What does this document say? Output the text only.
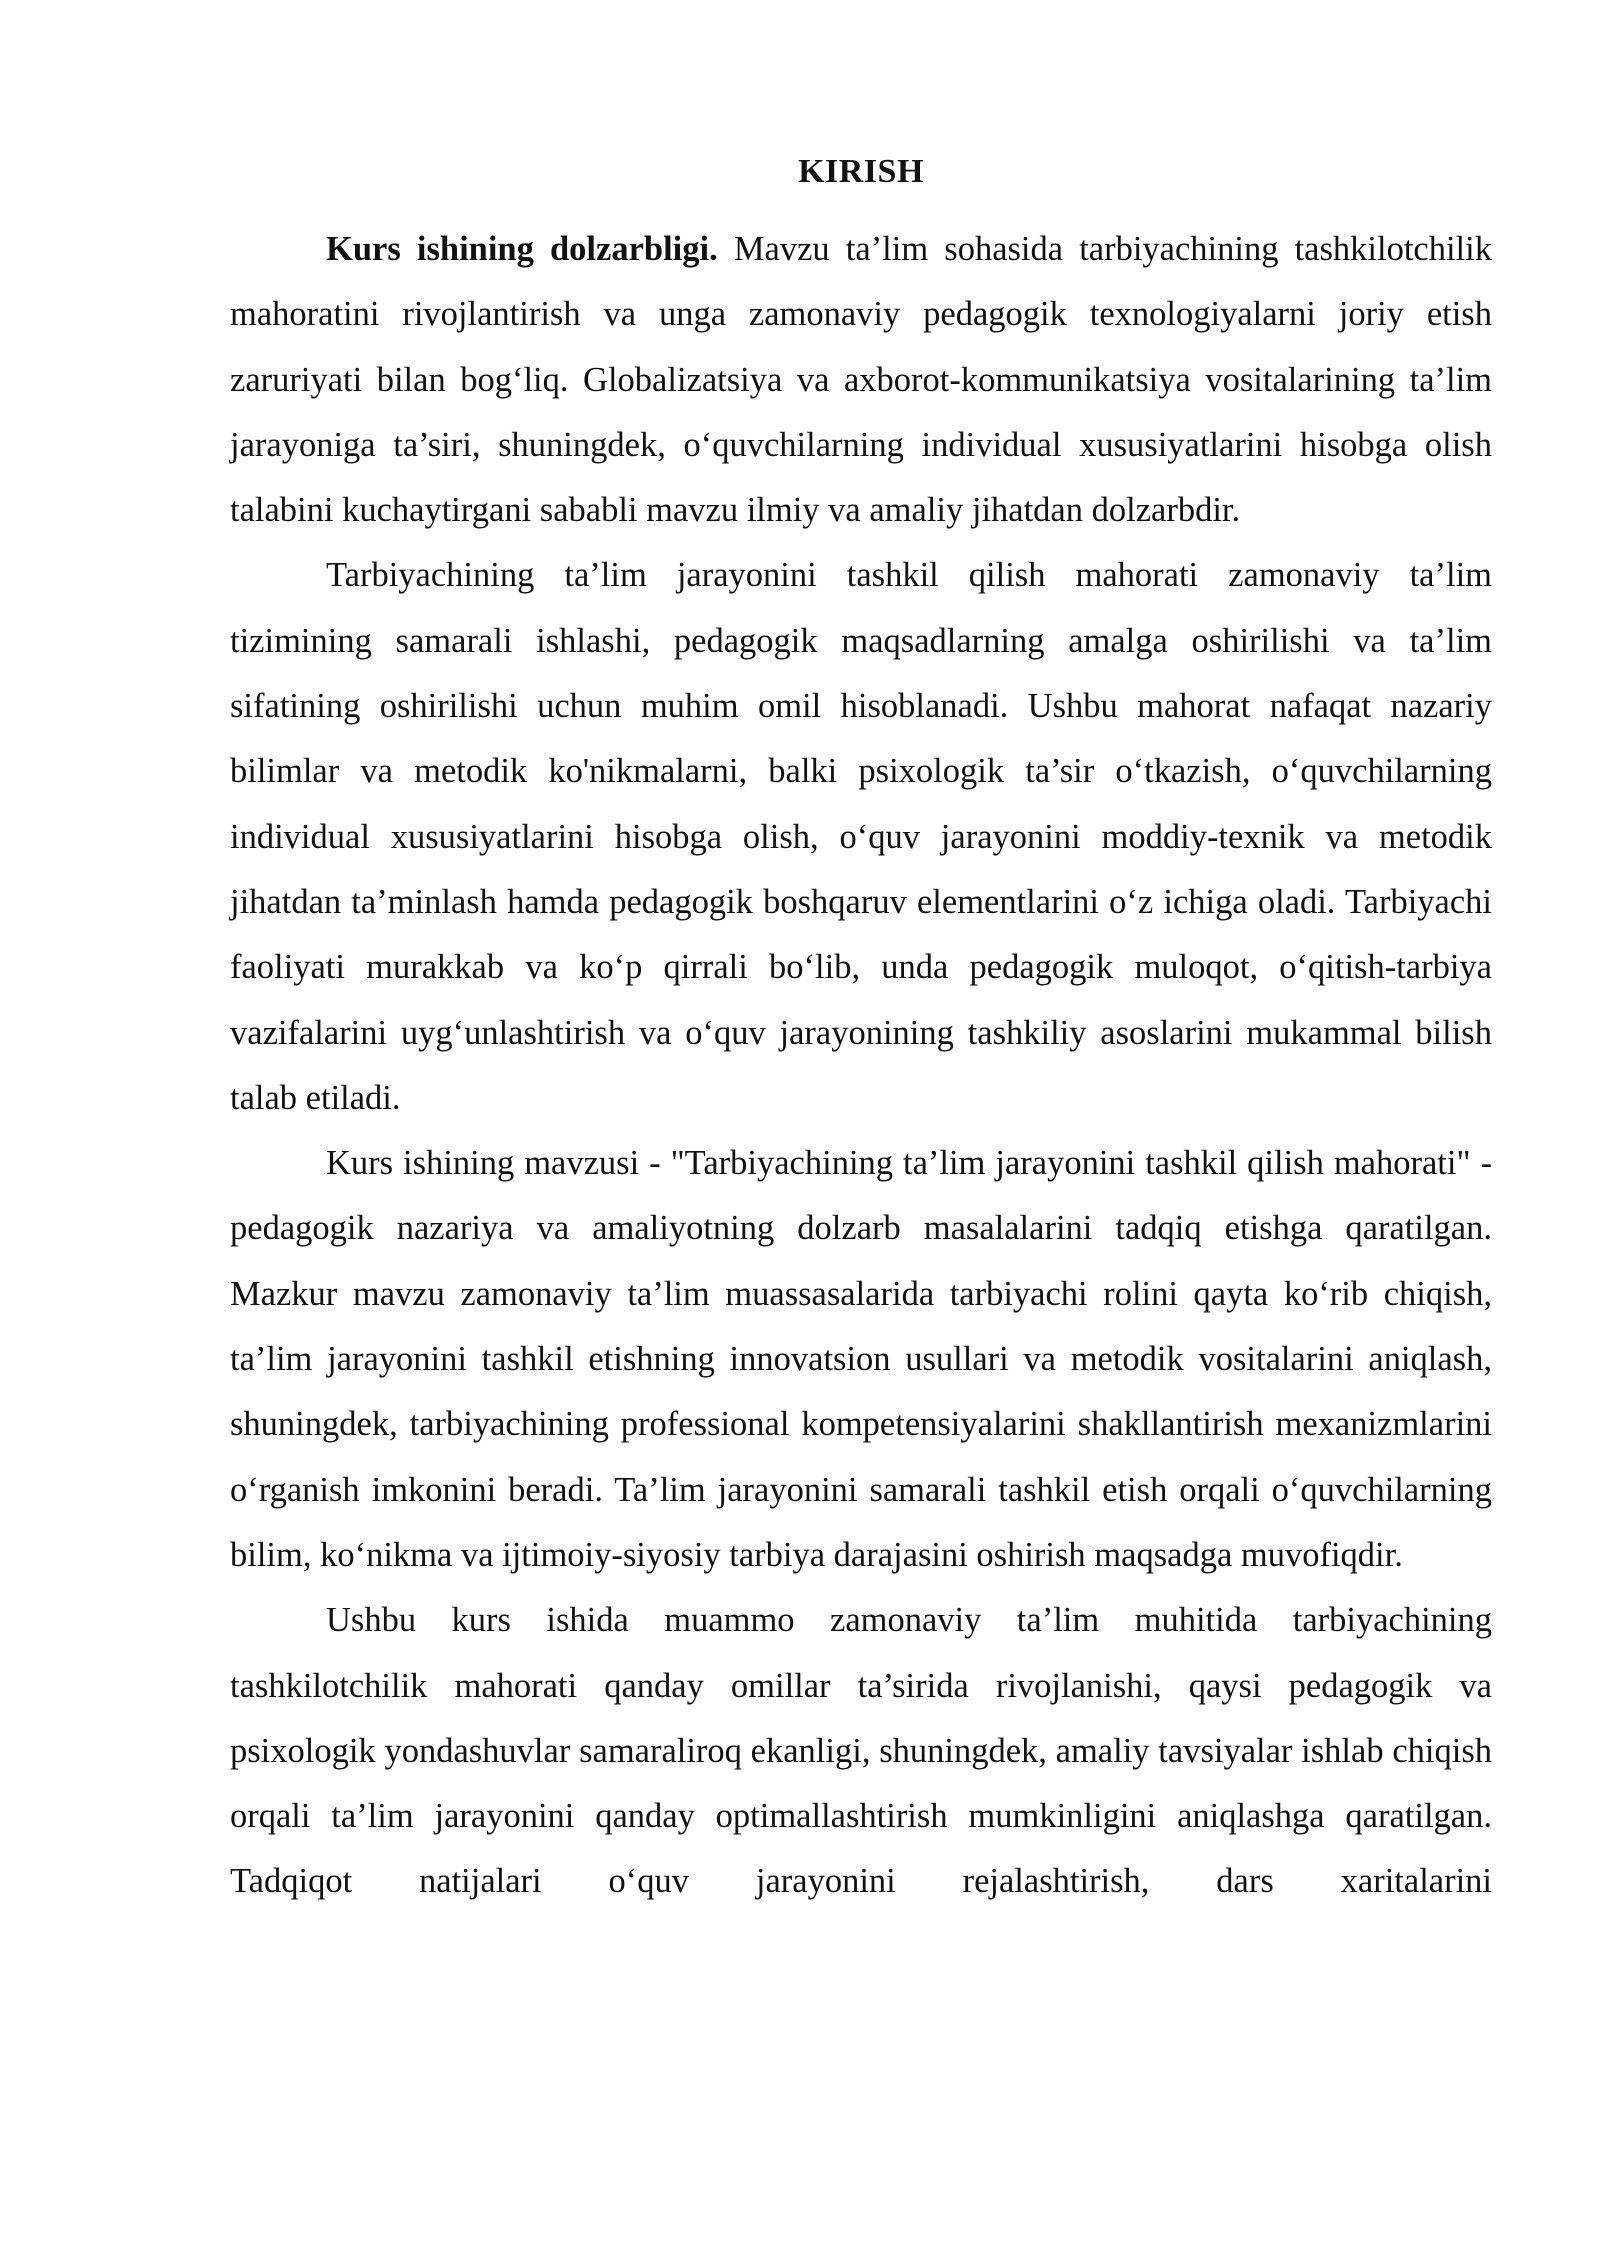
KIRISH

Kurs ishining dolzarbligi. Mavzu ta’lim sohasida tarbiyachining tashkilotchilik mahoratini rivojlantirish va unga zamonaviy pedagogik texnologiyalarni joriy etish zaruriyati bilan bog‘liq. Globalizatsiya va axborot-kommunikatsiya vositalarining ta’lim jarayoniga ta’siri, shuningdek, o‘quvchilarning individual xususiyatlarini hisobga olish talabini kuchaytirgani sababli mavzu ilmiy va amaliy jihatdan dolzarbdir.

Tarbiyachining ta’lim jarayonini tashkil qilish mahorati zamonaviy ta’lim tizimining samarali ishlashi, pedagogik maqsadlarning amalga oshirilishi va ta’lim sifatining oshirilishi uchun muhim omil hisoblanadi. Ushbu mahorat nafaqat nazariy bilimlar va metodik ko'nikmalarni, balki psixologik ta’sir o‘tkazish, o‘quvchilarning individual xususiyatlarini hisobga olish, o‘quv jarayonini moddiy-texnik va metodik jihatdan ta’minlash hamda pedagogik boshqaruv elementlarini o‘z ichiga oladi. Tarbiyachi faoliyati murakkab va ko‘p qirrali bo‘lib, unda pedagogik muloqot, o‘qitish-tarbiya vazifalarini uyg‘unlashtirish va o‘quv jarayonining tashkiliy asoslarini mukammal bilish talab etiladi.

Kurs ishining mavzusi - "Tarbiyachining ta’lim jarayonini tashkil qilish mahorati" - pedagogik nazariya va amaliyotning dolzarb masalalarini tadqiq etishga qaratilgan. Mazkur mavzu zamonaviy ta’lim muassasalarida tarbiyachi rolini qayta ko‘rib chiqish, ta’lim jarayonini tashkil etishning innovatsion usullari va metodik vositalarini aniqlash, shuningdek, tarbiyachining professional kompetensiyalarini shakllantirish mexanizmlarini o‘rganish imkonini beradi. Ta’lim jarayonini samarali tashkil etish orqali o‘quvchilarning bilim, ko‘nikma va ijtimoiy-siyosiy tarbiya darajasini oshirish maqsadga muvofiqdir.

Ushbu kurs ishida muammo zamonaviy ta’lim muhitida tarbiyachining tashkilotchilik mahorati qanday omillar ta’sirida rivojlanishi, qaysi pedagogik va psixologik yondashuvlar samaraliroq ekanligi, shuningdek, amaliy tavsiyalar ishlab chiqish orqali ta’lim jarayonini qanday optimallashtirish mumkinligini aniqlashga qaratilgan. Tadqiqot natijalari o‘quv jarayonini rejalashtirish, dars xaritalarini
